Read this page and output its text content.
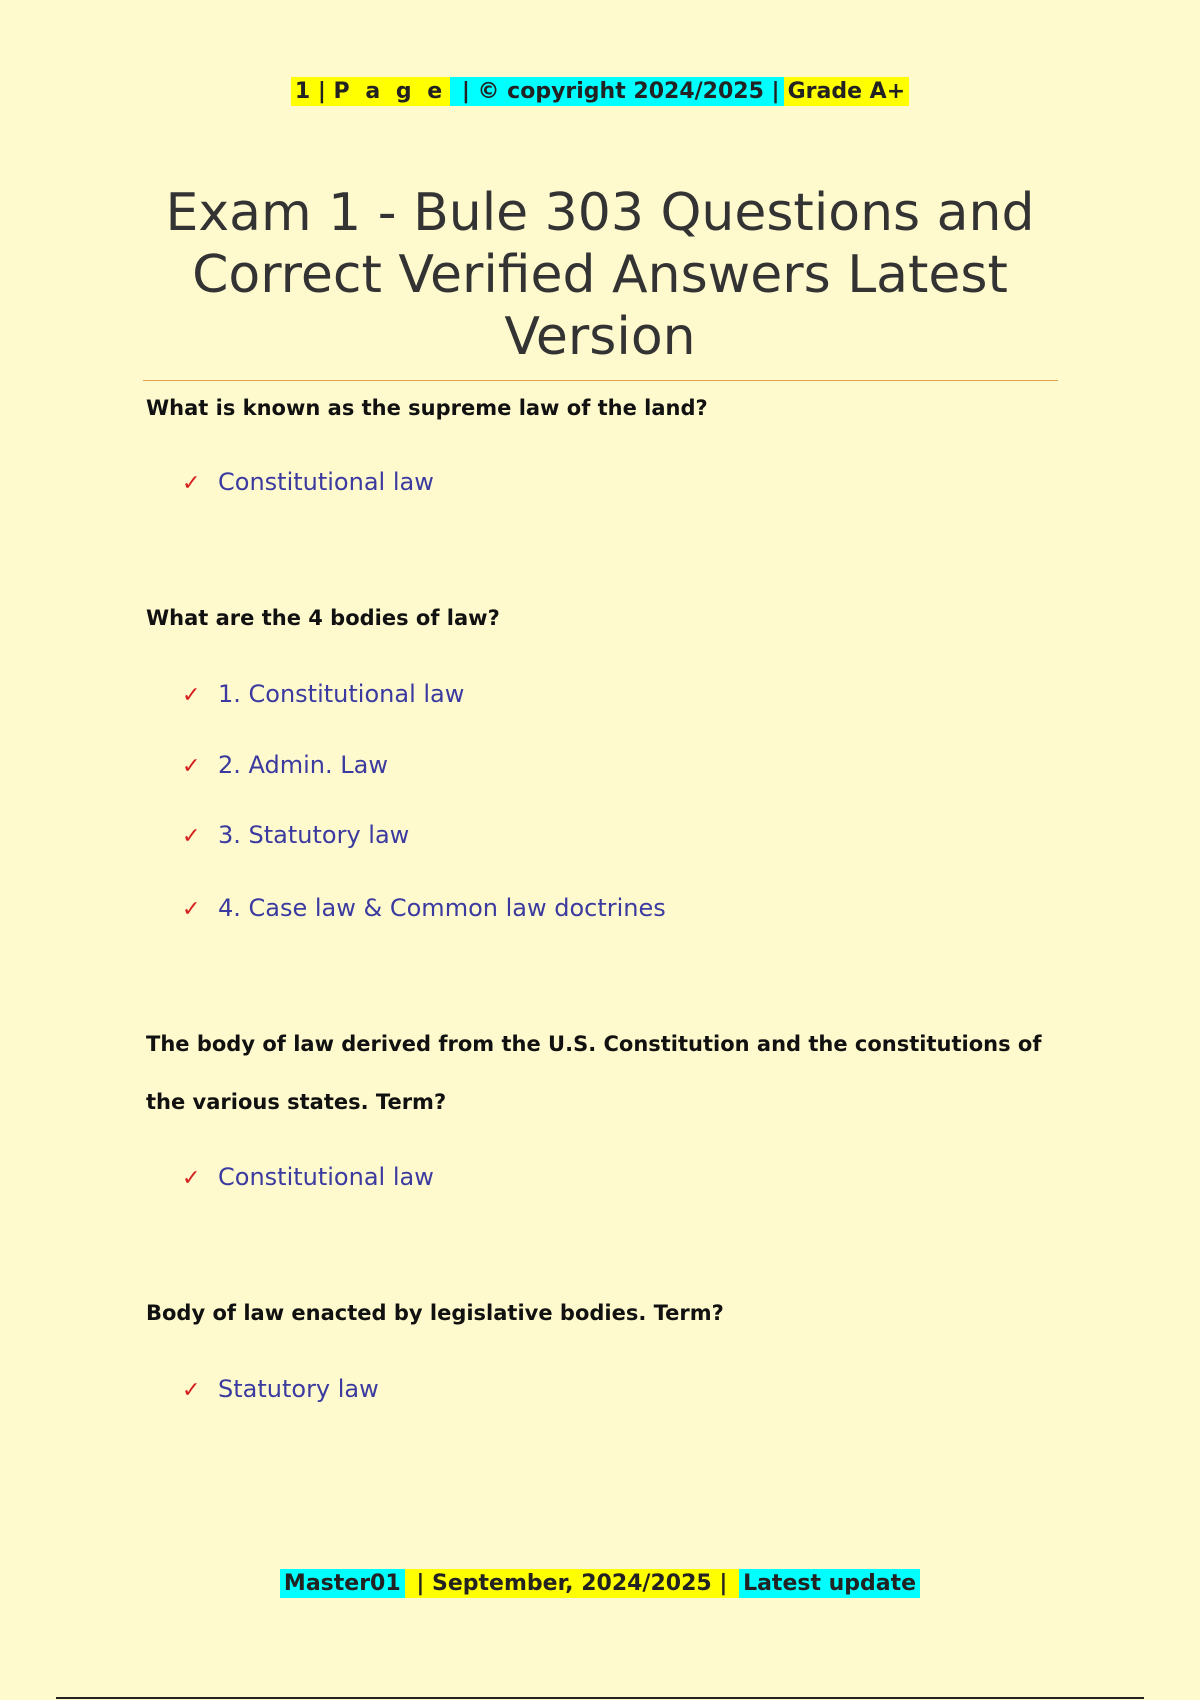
1 | P a g e | © copyright 2024/2025 | Grade A+
Exam 1 - Bule 303 Questions and Correct Verified Answers Latest Version

What is known as the supreme law of the land?

✓ Constitutional law

What are the 4 bodies of law?

✓ 1. Constitutional law
✓ 2. Admin. Law
✓ 3. Statutory law
✓ 4. Case law & Common law doctrines

The body of law derived from the U.S. Constitution and the constitutions of the various states. Term?

✓ Constitutional law

Body of law enacted by legislative bodies. Term?

✓ Statutory law
Master01 | September, 2024/2025 | Latest update
